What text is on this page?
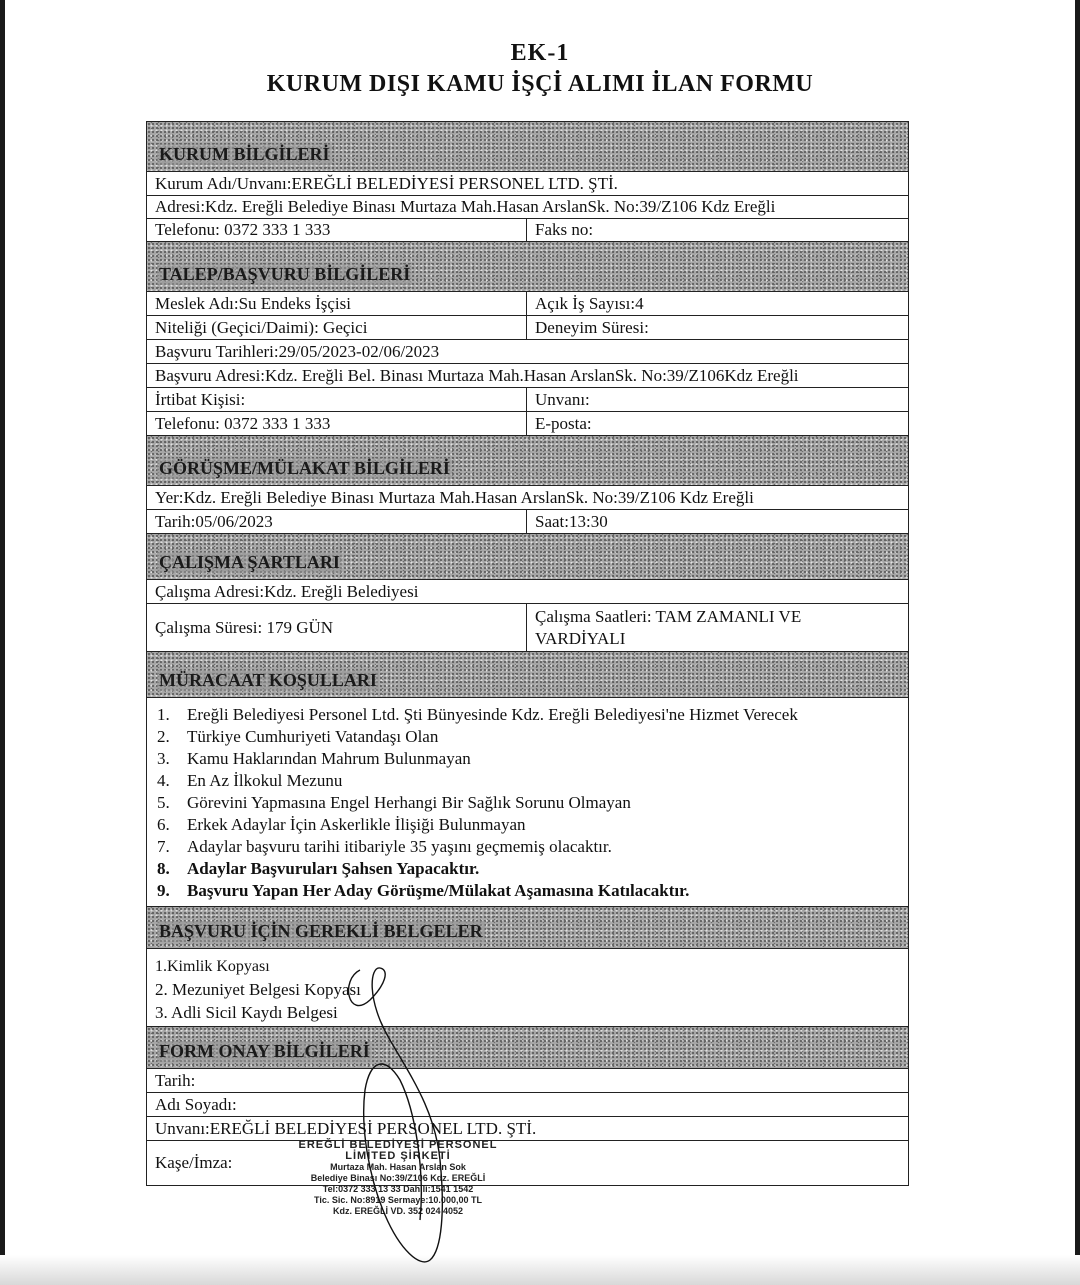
EK-1
KURUM DIŞI KAMU İŞÇİ ALIMI İLAN FORMU
KURUM BİLGİLERİ
Kurum Adı/Unvanı:EREĞLİ BELEDİYESİ PERSONEL LTD. ŞTİ.
Adresi:Kdz. Ereğli Belediye Binası Murtaza Mah.Hasan ArslanSk. No:39/Z106 Kdz Ereğli
Telefonu: 0372 333 1 333	Faks no:
TALEP/BAŞVURU BİLGİLERİ
Meslek Adı:Su Endeks İşçisi	Açık İş Sayısı:4
Niteliği (Geçici/Daimi): Geçici	Deneyim Süresi:
Başvuru Tarihleri:29/05/2023-02/06/2023
Başvuru Adresi:Kdz. Ereğli Bel. Binası Murtaza Mah.Hasan ArslanSk. No:39/Z106Kdz Ereğli
İrtibat Kişisi:	Unvanı:
Telefonu: 0372 333 1 333	E-posta:
GÖRÜŞME/MÜLAKAT BİLGİLERİ
Yer:Kdz. Ereğli Belediye Binası Murtaza Mah.Hasan ArslanSk. No:39/Z106 Kdz Ereğli
Tarih:05/06/2023	Saat:13:30
ÇALIŞMA ŞARTLARI
Çalışma Adresi:Kdz. Ereğli Belediyesi
Çalışma Süresi: 179 GÜN
Çalışma Saatleri: TAM ZAMANLI VE VARDİYALI
MÜRACAAT KOŞULLARI
1.	Ereğli Belediyesi Personel Ltd. Şti Bünyesinde Kdz. Ereğli Belediyesi'ne Hizmet Verecek
2.	Türkiye Cumhuriyeti Vatandaşı Olan
3.	Kamu Haklarından Mahrum Bulunmayan
4.	En Az İlkokul Mezunu
5.	Görevini Yapmasına Engel Herhangi Bir Sağlık Sorunu Olmayan
6.	Erkek Adaylar İçin Askerlikle İlişiği Bulunmayan
7.	Adaylar başvuru tarihi itibariyle 35 yaşını geçmemiş olacaktır.
8.	Adaylar Başvuruları Şahsen Yapacaktır.
9.	Başvuru Yapan Her Aday Görüşme/Mülakat Aşamasına Katılacaktır.
BAŞVURU İÇİN GEREKLİ BELGELER
1.Kimlik Kopyası
2. Mezuniyet Belgesi Kopyası
3. Adli Sicil Kaydı Belgesi
FORM ONAY BİLGİLERİ
Tarih:
Adı Soyadı:
Unvanı:EREĞLİ BELEDİYESİ PERSONEL LTD. ŞTİ.
Kaşe/İmza:
EREĞLİ BELEDİYESİ PERSONEL
LİMİTED ŞİRKETİ
Murtaza Mah. Hasan Arslan Sok
Belediye Binası No:39/Z106 Kdz. EREĞLİ
Tel:0372 333 13 33 Dahili:1541 1542
Tic. Sic. No:8919 Sermaye:10.000,00 TL
Kdz. EREĞLİ VD. 352 024 4052
